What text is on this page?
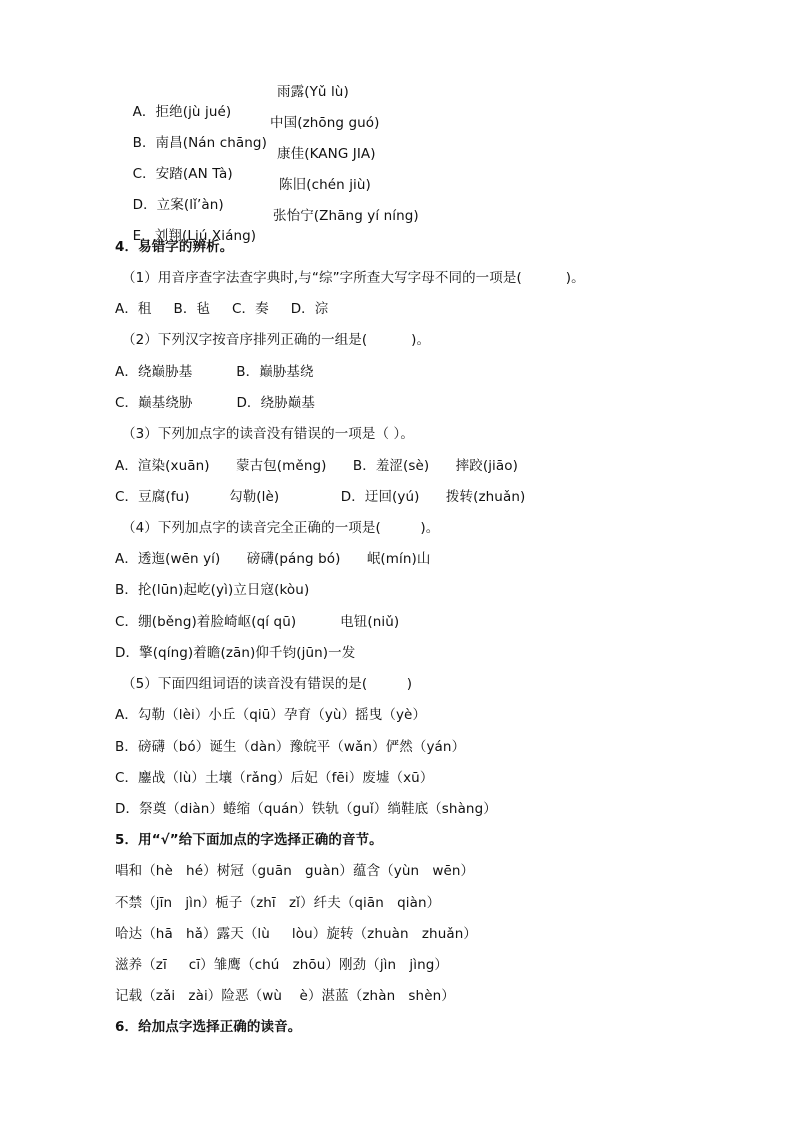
A．拒绝(jù jué)

雨露(Yǔ lù)

B．南昌(Nán chāng)

中国(zhōng guó)

C．安踏(AN Tà)

康佳(KANG JIA)

D．立案(lǐ’àn)

陈旧(chén jiù)

E．刘翔(Liú Xiáng)

张怡宁(Zhāng yí níng)

4．易错字的辨析。
（1）用音序查字法查字典时,与“综”字所查大写字母不同的一项是(          )。
A．租     B．毡     C．奏     D．淙
（2）下列汉字按音序排列正确的一组是(          )。
A．绕巅胁基          B．巅胁基绕
C．巅基绕胁          D．绕胁巅基
（3）下列加点字的读音没有错误的一项是（ ）。
A．渲染(xuān)      蒙古包(měng)      B．羞涩(sè)      摔跤(jiāo)
C．豆腐(fu)         勾勒(lè)              D．迂回(yú)      拨转(zhuǎn)
（4）下列加点字的读音完全正确的一项是(         )。
A．透迤(wēn yí)      磅礴(páng bó)      岷(mín)山
B．抡(lūn)起屹(yì)立日寇(kòu)
C．绷(běng)着脸崎岖(qí qū)          电钮(niǔ)
D．擎(qíng)着瞻(zān)仰千钧(jūn)一发
（5）下面四组词语的读音没有错误的是(         )
A．勾勒（lèi）小丘（qiū）孕育（yù）摇曳（yè）
B．磅礴（bó）诞生（dàn）豫皖平（wǎn）俨然（yán）
C．鏖战（lù）土壤（rǎng）后妃（fēi）废墟（xū）
D．祭奠（diàn）蜷缩（quán）铁轨（guǐ）绱鞋底（shàng）
5．用“√”给下面加点的字选择正确的音节。
唱和（hè   hé）树冠（guān   guàn）蕴含（yùn   wēn）
不禁（jīn   jìn）栀子（zhī   zǐ）纤夫（qiān   qiàn）
哈达（hā   hǎ）露天（lù     lòu）旋转（zhuàn   zhuǎn）
滋养（zī     cī）雏鹰（chú   zhōu）刚劲（jìn   jìng）
记载（zǎi   zài）险恶（wù    è）湛蓝（zhàn   shèn）
6．给加点字选择正确的读音。
